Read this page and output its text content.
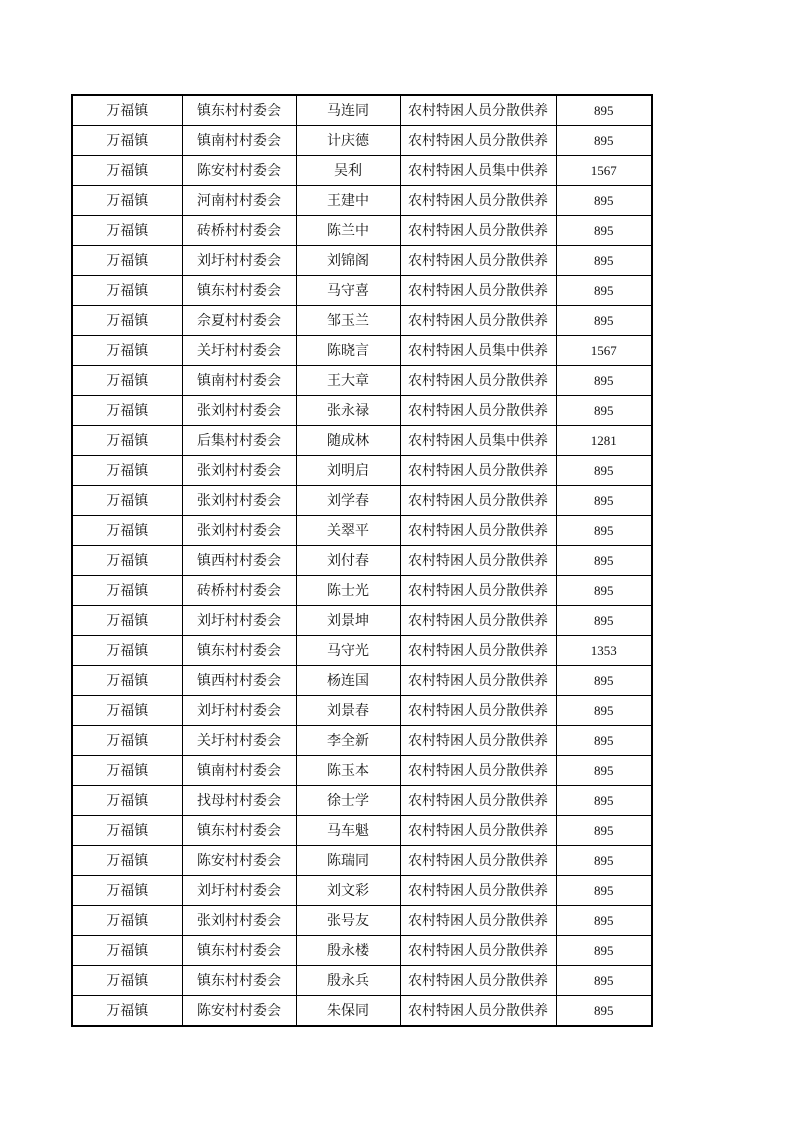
万福镇	镇东村村委会	马连同	农村特困人员分散供养	895
万福镇	镇南村村委会	计庆德	农村特困人员分散供养	895
万福镇	陈安村村委会	吴利	农村特困人员集中供养	1567
万福镇	河南村村委会	王建中	农村特困人员分散供养	895
万福镇	砖桥村村委会	陈兰中	农村特困人员分散供养	895
万福镇	刘圩村村委会	刘锦阁	农村特困人员分散供养	895
万福镇	镇东村村委会	马守喜	农村特困人员分散供养	895
万福镇	佘夏村村委会	邹玉兰	农村特困人员分散供养	895
万福镇	关圩村村委会	陈晓言	农村特困人员集中供养	1567
万福镇	镇南村村委会	王大章	农村特困人员分散供养	895
万福镇	张刘村村委会	张永禄	农村特困人员分散供养	895
万福镇	后集村村委会	随成林	农村特困人员集中供养	1281
万福镇	张刘村村委会	刘明启	农村特困人员分散供养	895
万福镇	张刘村村委会	刘学春	农村特困人员分散供养	895
万福镇	张刘村村委会	关翠平	农村特困人员分散供养	895
万福镇	镇西村村委会	刘付春	农村特困人员分散供养	895
万福镇	砖桥村村委会	陈士光	农村特困人员分散供养	895
万福镇	刘圩村村委会	刘景坤	农村特困人员分散供养	895
万福镇	镇东村村委会	马守光	农村特困人员分散供养	1353
万福镇	镇西村村委会	杨连国	农村特困人员分散供养	895
万福镇	刘圩村村委会	刘景春	农村特困人员分散供养	895
万福镇	关圩村村委会	李全新	农村特困人员分散供养	895
万福镇	镇南村村委会	陈玉本	农村特困人员分散供养	895
万福镇	找母村村委会	徐士学	农村特困人员分散供养	895
万福镇	镇东村村委会	马车魁	农村特困人员分散供养	895
万福镇	陈安村村委会	陈瑞同	农村特困人员分散供养	895
万福镇	刘圩村村委会	刘文彩	农村特困人员分散供养	895
万福镇	张刘村村委会	张号友	农村特困人员分散供养	895
万福镇	镇东村村委会	殷永楼	农村特困人员分散供养	895
万福镇	镇东村村委会	殷永兵	农村特困人员分散供养	895
万福镇	陈安村村委会	朱保同	农村特困人员分散供养	895
